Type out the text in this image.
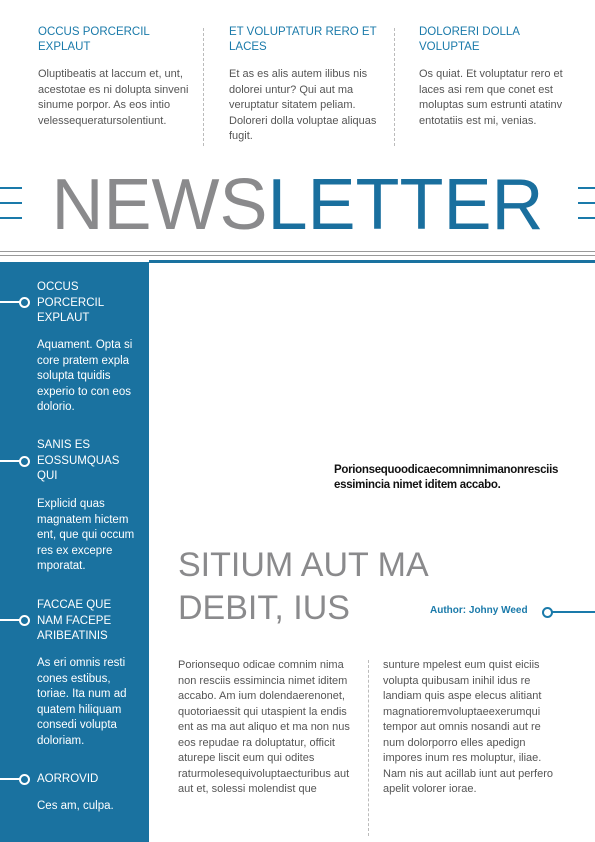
OCCUS PORCERCIL EXPLAUT
Oluptibeatis at laccum et, unt, acestotae es ni dolupta sinveni sinume porpor. As eos intio velessequeratursolentiunt.
ET VOLUPTATUR RERO ET LACES
Et as es alis autem ilibus nis dolorei untur? Qui aut ma veruptatur sitatem peliam. Doloreri dolla voluptae aliquas fugit.
DOLORERI DOLLA VOLUPTAE
Os quiat. Et voluptatur rero et laces asi rem que conet est moluptas sum estrunti atatinv entotatiis est mi, venias.
NEWSLETTER
OCCUS PORCERCIL EXPLAUT
Aquament. Opta si core pratem expla solupta tquidis experio to con eos dolorio.
SANIS ES EOSSUMQUAS QUI
Explicid quas magnatem hictem ent, que qui occum res ex excepre mporatat.
FACCAE QUE NAM FACEPE ARIBEATINIS
As eri omnis resti cones estibus, toriae. Ita num ad quatem hiliquam consedi volupta doloriam.
AORROVID
Ces am, culpa.
Porionsequoodicaecomnimnimanonresciis essimincia nimet iditem accabo.
SITIUM AUT MA DEBIT, IUS	Author: Johny Weed
Porionsequo odicae comnim nima non resciis essimincia nimet iditem accabo. Am ium dolendaerenonet, quotoriaessit qui utaspient la endis ent as ma aut aliquo et ma non nus eos repudae ra doluptatur, officit aturepe liscit eum qui odites raturmolesequivoluptaecturibus aut aut et, solessi molendist que
sunture mpelest eum quist eiciis volupta quibusam inihil idus re landiam quis aspe elecus alitiant magnatioremvoluptaeexerumqui tempor aut omnis nosandi aut re num dolorporro elles apedign impores inum res moluptur, iliae. Nam nis aut acillab iunt aut perfero apelit volorer iorae.
